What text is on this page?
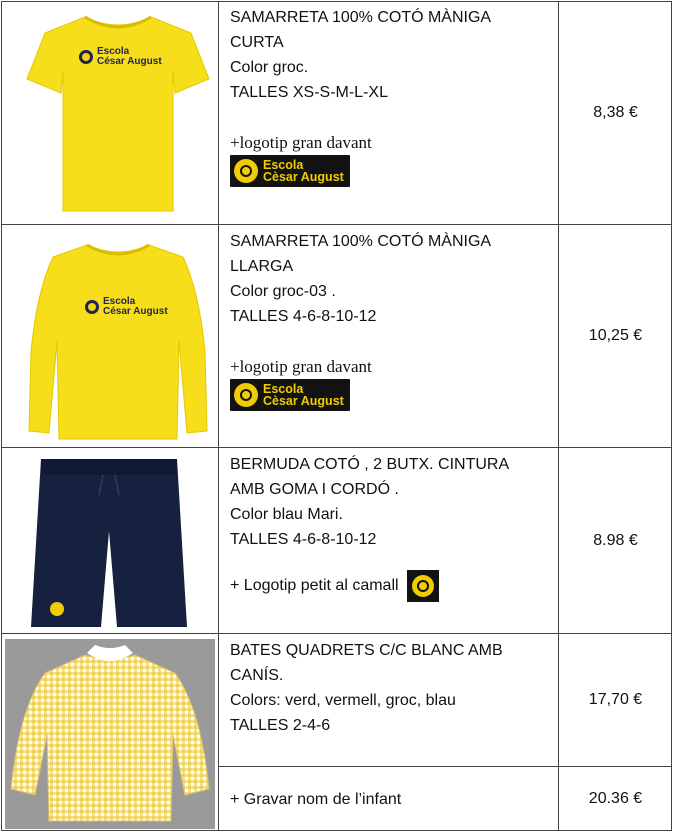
Escola
César August
SAMARRETA 100% COTÓ MÀNIGA
CURTA
Color groc.
TALLES XS-S-M-L-XL
+logotip gran davant
Escola
Cèsar August
8,38 €
Escola
César August
SAMARRETA 100% COTÓ MÀNIGA
LLARGA
Color groc-03 .
TALLES 4-6-8-10-12
+logotip gran davant
Escola
Cèsar August
10,25 €
BERMUDA COTÓ , 2 BUTX. CINTURA
AMB GOMA I CORDÓ .
Color blau Mari.
TALLES 4-6-8-10-12
+ Logotip petit al camall
8.98 €
BATES QUADRETS C/C BLANC AMB
CANÍS.
Colors: verd, vermell, groc, blau
TALLES 2-4-6
17,70 €
+ Gravar nom de l’infant	20.36 €
